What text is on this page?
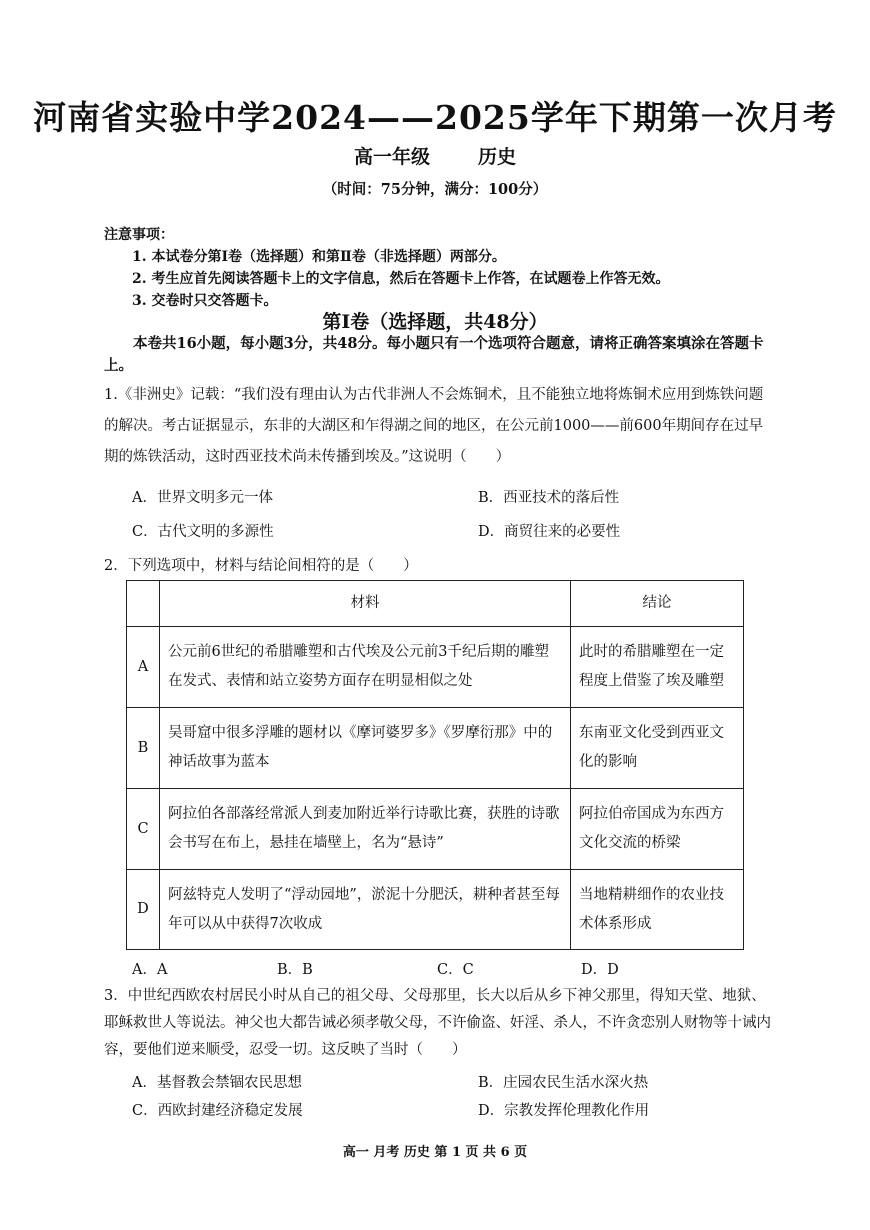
河南省实验中学2024——2025学年下期第一次月考
高一年级	历史
（时间：75分钟，满分：100分）
注意事项：
1. 本试卷分第Ⅰ卷（选择题）和第Ⅱ卷（非选择题）两部分。
2. 考生应首先阅读答题卡上的文字信息，然后在答题卡上作答，在试题卷上作答无效。
3. 交卷时只交答题卡。
第Ⅰ卷（选择题，共48分）
本卷共16小题，每小题3分，共48分。每小题只有一个选项符合题意，请将正确答案填涂在答题卡上。
1.《非洲史》记载：“我们没有理由认为古代非洲人不会炼铜术，且不能独立地将炼铜术应用到炼铁问题的解决。考古证据显示，东非的大湖区和乍得湖之间的地区，在公元前1000——前600年期间存在过早期的炼铁活动，这时西亚技术尚未传播到埃及。”这说明（　　）
A．世界文明多元一体	B．西亚技术的落后性
C．古代文明的多源性	D．商贸往来的必要性
2．下列选项中，材料与结论间相符的是（　　）
	材料	结论
A	公元前6世纪的希腊雕塑和古代埃及公元前3千纪后期的雕塑在发式、表情和站立姿势方面存在明显相似之处	此时的希腊雕塑在一定程度上借鉴了埃及雕塑
B	吴哥窟中很多浮雕的题材以《摩诃婆罗多》《罗摩衍那》中的神话故事为蓝本	东南亚文化受到西亚文化的影响
C	阿拉伯各部落经常派人到麦加附近举行诗歌比赛，获胜的诗歌会书写在布上，悬挂在墙壁上，名为“悬诗”	阿拉伯帝国成为东西方文化交流的桥梁
D	阿兹特克人发明了“浮动园地”，淤泥十分肥沃，耕种者甚至每年可以从中获得7次收成	当地精耕细作的农业技术体系形成
A．A	B．B	C．C	D．D
3．中世纪西欧农村居民小时从自己的祖父母、父母那里，长大以后从乡下神父那里，得知天堂、地狱、耶稣救世人等说法。神父也大都告诫必须孝敬父母，不许偷盗、奸淫、杀人，不许贪恋别人财物等十诫内容，要他们逆来顺受，忍受一切。这反映了当时（　　）
A．基督教会禁锢农民思想	B．庄园农民生活水深火热
C．西欧封建经济稳定发展	D．宗教发挥伦理教化作用
高一 月考 历史 第 1 页 共 6 页
